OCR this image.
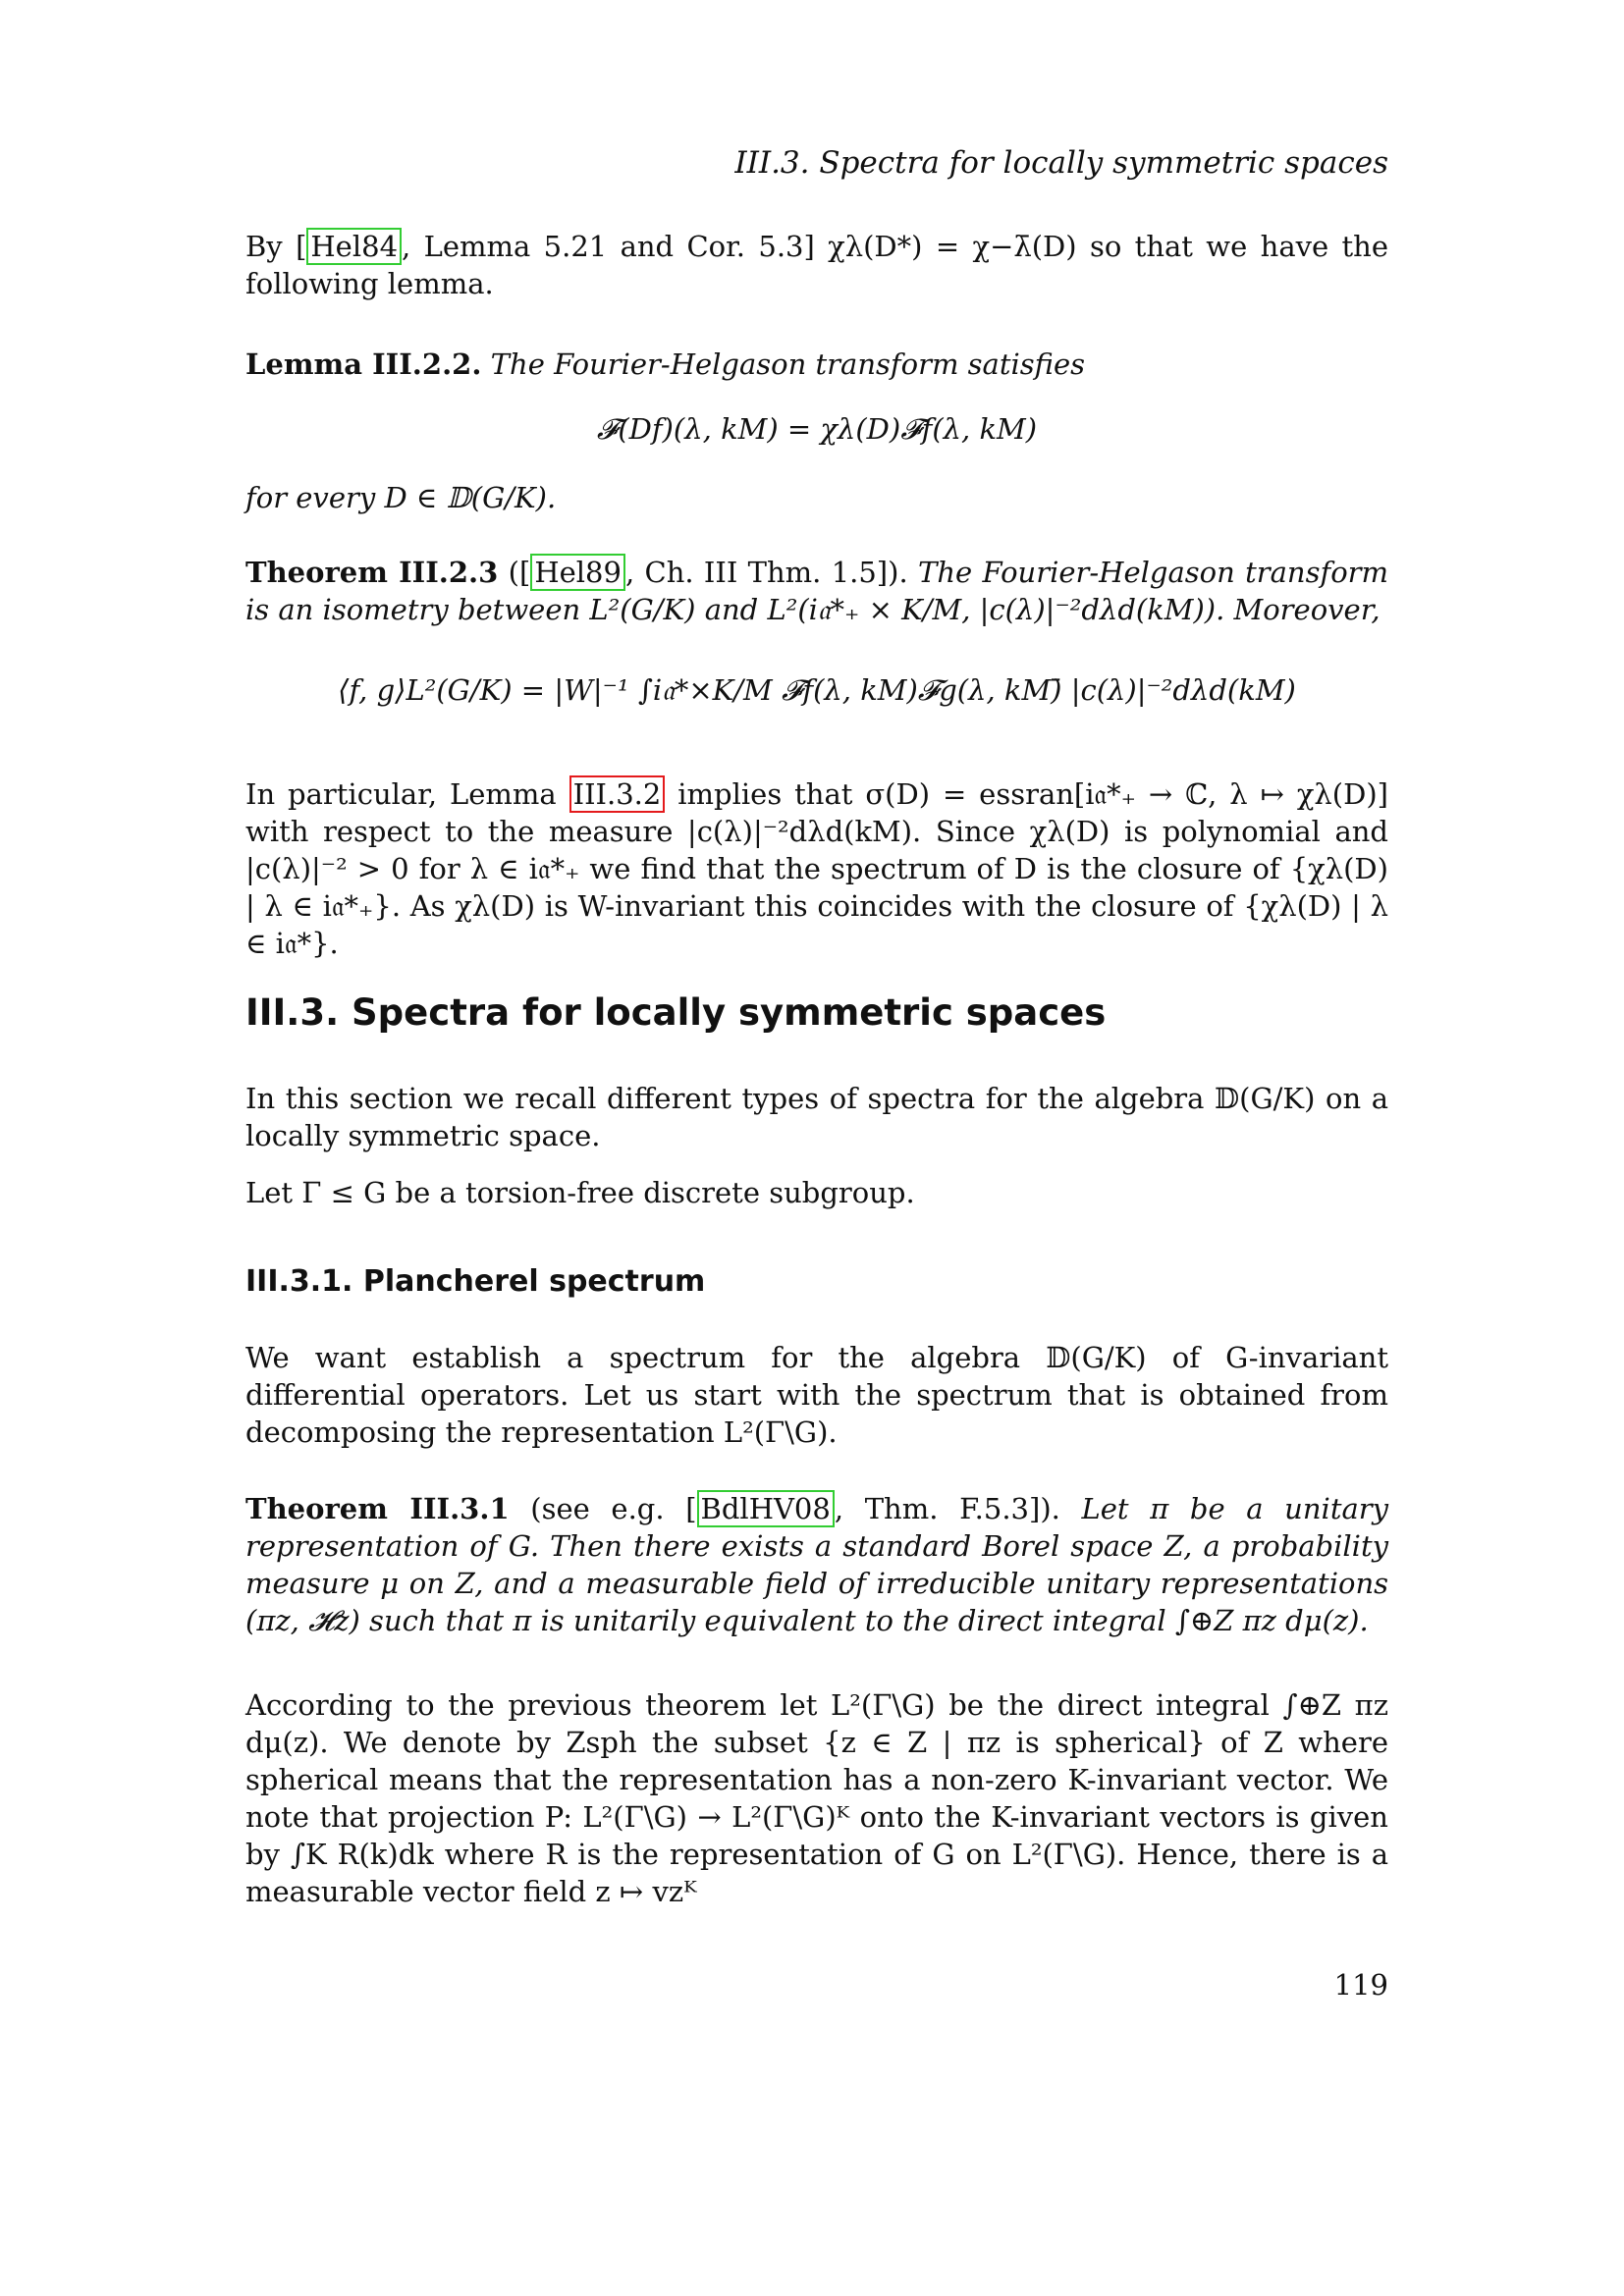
III.3. Spectra for locally symmetric spaces
By [ Hel84 , Lemma 5.21 and Cor. 5.3] χλ(D*) = χ−λ̄(D) so that we have the following lemma.
Lemma III.2.2. The Fourier-Helgason transform satisfies
𝓕(Df)(λ, kM) = χλ(D)𝓕f(λ, kM)
for every D ∈ 𝔻(G/K).
Theorem III.2.3 ([ Hel89 , Ch. III Thm. 1.5]). The Fourier-Helgason transform is an isometry between L²(G/K) and L²(i𝔞*₊ × K/M, |c(λ)|⁻²dλd(kM)). Moreover,
⟨f, g⟩L²(G/K) = |W|⁻¹ ∫i𝔞*×K/M 𝓕f(λ, kM)𝓕g(λ, kM)̄ |c(λ)|⁻²dλd(kM)
In particular, Lemma III.3.2 implies that σ(D) = essran[i𝔞*₊ → ℂ, λ ↦ χλ(D)] with respect to the measure |c(λ)|⁻²dλd(kM). Since χλ(D) is polynomial and |c(λ)|⁻² > 0 for λ ∈ i𝔞*₊ we find that the spectrum of D is the closure of {χλ(D) | λ ∈ i𝔞*₊}. As χλ(D) is W-invariant this coincides with the closure of {χλ(D) | λ ∈ i𝔞*}.
III.3. Spectra for locally symmetric spaces
In this section we recall different types of spectra for the algebra 𝔻(G/K) on a locally symmetric space.
Let Γ ≤ G be a torsion-free discrete subgroup.
III.3.1. Plancherel spectrum
We want establish a spectrum for the algebra 𝔻(G/K) of G-invariant differential operators. Let us start with the spectrum that is obtained from decomposing the representation L²(Γ\G).
Theorem III.3.1 (see e.g. [ BdlHV08 , Thm. F.5.3]). Let π be a unitary representation of G. Then there exists a standard Borel space Z, a probability measure μ on Z, and a measurable field of irreducible unitary representations (πz, 𝓗z) such that π is unitarily equivalent to the direct integral ∫⊕Z πz dμ(z).
According to the previous theorem let L²(Γ\G) be the direct integral ∫⊕Z πz dμ(z). We denote by Zsph the subset {z ∈ Z | πz is spherical} of Z where spherical means that the representation has a non-zero K-invariant vector. We note that projection P: L²(Γ\G) → L²(Γ\G)ᴷ onto the K-invariant vectors is given by ∫K R(k)dk where R is the representation of G on L²(Γ\G). Hence, there is a measurable vector field z ↦ vzᴷ
119
